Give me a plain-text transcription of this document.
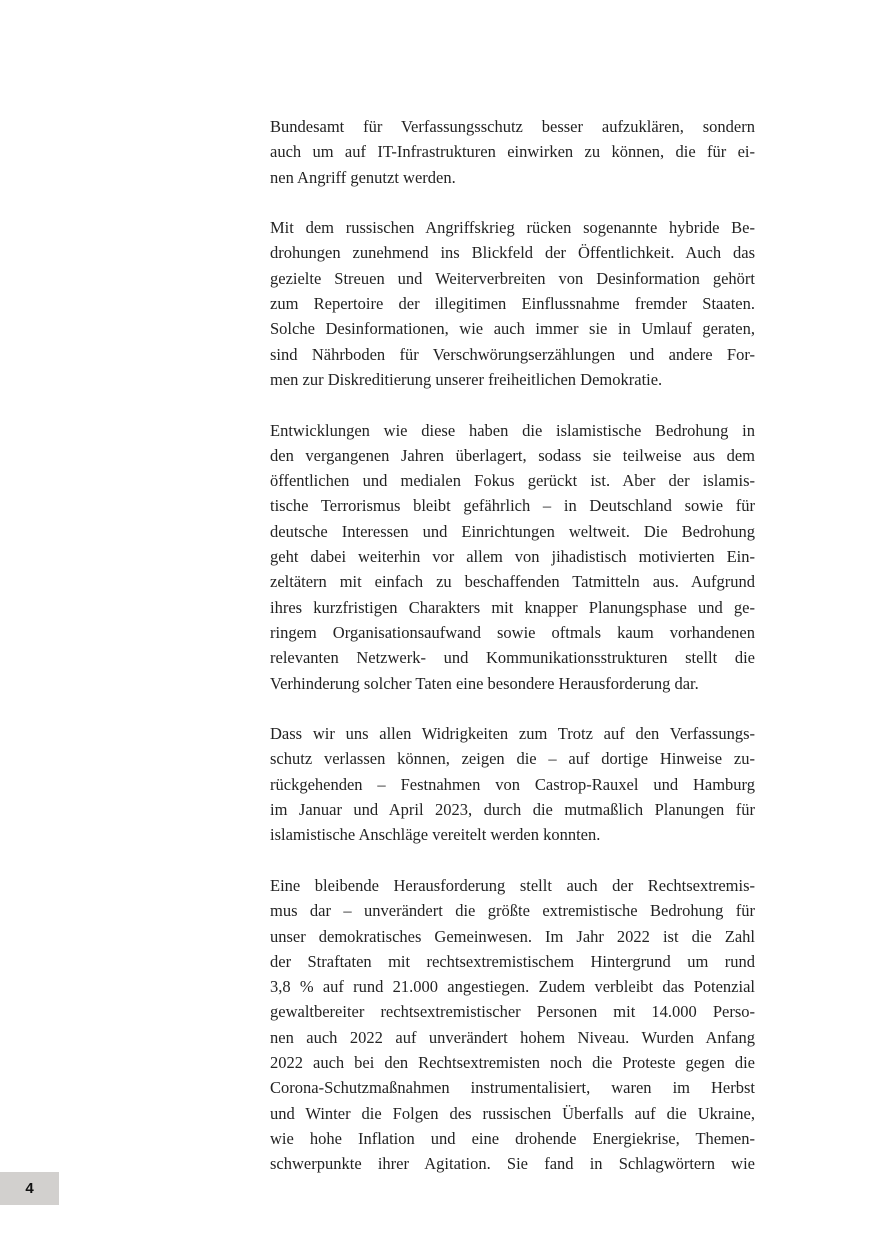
Bundesamt für Verfassungsschutz besser aufzuklären, sondern
auch um auf IT-Infrastrukturen einwirken zu können, die für ei-
nen Angriff genutzt werden.
Mit dem russischen Angriffskrieg rücken sogenannte hybride Be-
drohungen zunehmend ins Blickfeld der Öffentlichkeit. Auch das
gezielte Streuen und Weiterverbreiten von Desinformation gehört
zum Repertoire der illegitimen Einflussnahme fremder Staaten.
Solche Desinformationen, wie auch immer sie in Umlauf geraten,
sind Nährboden für Verschwörungserzählungen und andere For-
men zur Diskreditierung unserer freiheitlichen Demokratie.
Entwicklungen wie diese haben die islamistische Bedrohung in
den vergangenen Jahren überlagert, sodass sie teilweise aus dem
öffentlichen und medialen Fokus gerückt ist. Aber der islamis-
tische Terrorismus bleibt gefährlich – in Deutschland sowie für
deutsche Interessen und Einrichtungen weltweit. Die Bedrohung
geht dabei weiterhin vor allem von jihadistisch motivierten Ein-
zeltätern mit einfach zu beschaffenden Tatmitteln aus. Aufgrund
ihres kurzfristigen Charakters mit knapper Planungsphase und ge-
ringem Organisationsaufwand sowie oftmals kaum vorhandenen
relevanten Netzwerk- und Kommunikationsstrukturen stellt die
Verhinderung solcher Taten eine besondere Herausforderung dar.
Dass wir uns allen Widrigkeiten zum Trotz auf den Verfassungs-
schutz verlassen können, zeigen die – auf dortige Hinweise zu-
rückgehenden – Festnahmen von Castrop-Rauxel und Hamburg
im Januar und April 2023, durch die mutmaßlich Planungen für
islamistische Anschläge vereitelt werden konnten.
Eine bleibende Herausforderung stellt auch der Rechtsextremis-
mus dar – unverändert die größte extremistische Bedrohung für
unser demokratisches Gemeinwesen. Im Jahr 2022 ist die Zahl
der Straftaten mit rechtsextremistischem Hintergrund um rund
3,8 % auf rund 21.000 angestiegen. Zudem verbleibt das Potenzial
gewaltbereiter rechtsextremistischer Personen mit 14.000 Perso-
nen auch 2022 auf unverändert hohem Niveau. Wurden Anfang
2022 auch bei den Rechtsextremisten noch die Proteste gegen die
Corona-Schutzmaßnahmen instrumentalisiert, waren im Herbst
und Winter die Folgen des russischen Überfalls auf die Ukraine,
wie hohe Inflation und eine drohende Energiekrise, Themen-
schwerpunkte ihrer Agitation. Sie fand in Schlagwörtern wie
4
